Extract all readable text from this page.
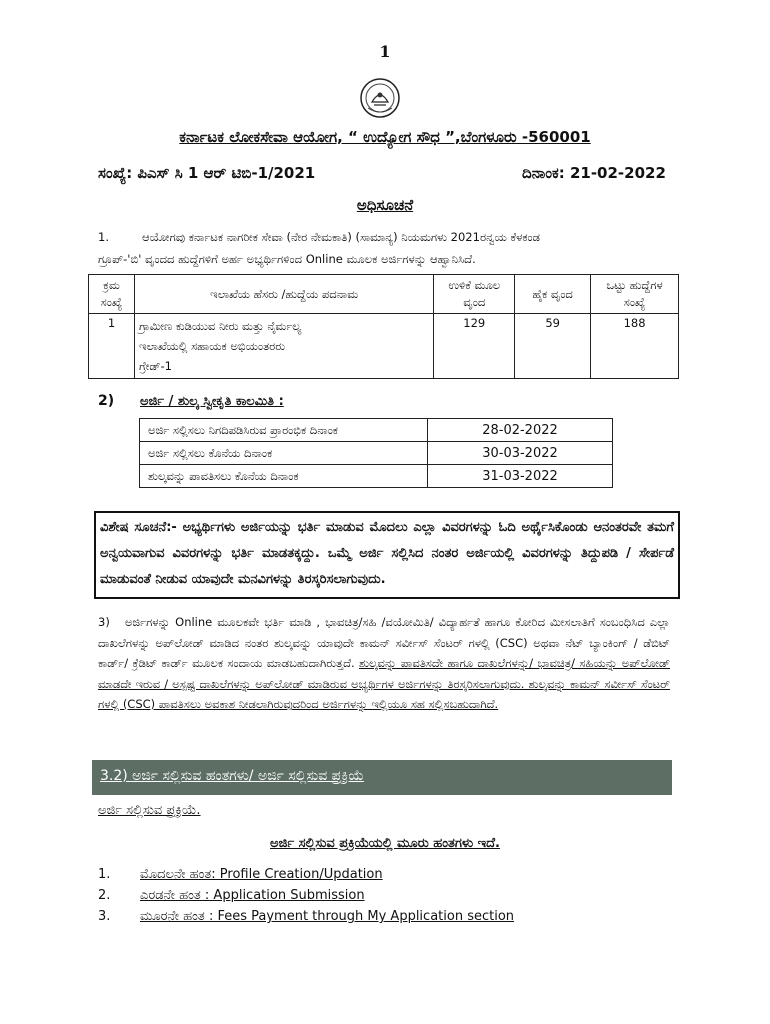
1
ಕರ್ನಾಟಕ ಲೋಕಸೇವಾ ಆಯೋಗ, “ ಉದ್ಯೋಗ ಸೌಧ ”,ಬೆಂಗಳೂರು -560001
ಸಂಖ್ಯೆ: ಪಿಎಸ್ ಸಿ 1 ಆರ್ ಟಿಬಿ-1/2021	ದಿನಾಂಕ: 21-02-2022
ಅಧಿಸೂಚನೆ
1.	ಆಯೋಗವು ಕರ್ನಾಟಕ ನಾಗರೀಕ ಸೇವಾ (ನೇರ ನೇಮಕಾತಿ) (ಸಾಮಾನ್ಯ) ನಿಯಮಗಳು 2021ರನ್ವಯ ಕೆಳಕಂಡ
ಗ್ರೂಪ್-'ಬಿ' ವೃಂದದ ಹುದ್ದೆಗಳಿಗೆ ಅರ್ಹ ಅಭ್ಯರ್ಥಿಗಳಿಂದ Online ಮೂಲಕ ಅರ್ಜಿಗಳನ್ನು ಆಹ್ವಾನಿಸಿದೆ.
ಕ್ರಮ ಸಂಖ್ಯೆ	ಇಲಾಖೆಯ ಹೆಸರು /ಹುದ್ದೆಯ ಪದನಾಮ	ಉಳಿಕೆ ಮೂಲ ವೃಂದ	ಹೈಕ ವೃಂದ	ಒಟ್ಟು ಹುದ್ದೆಗಳ ಸಂಖ್ಯೆ
1	ಗ್ರಾಮೀಣ ಕುಡಿಯುವ ನೀರು ಮತ್ತು ನೈರ್ಮಲ್ಯ
ಇಲಾಖೆಯಲ್ಲಿ ಸಹಾಯಕ ಅಭಿಯಂತರರು
ಗ್ರೇಡ್-1	129	59	188
2) ಅರ್ಜಿ / ಶುಲ್ಕ ಸ್ವೀಕೃತಿ ಕಾಲಮಿತಿ :
ಅರ್ಜಿ ಸಲ್ಲಿಸಲು ನಿಗದಿಪಡಿಸಿರುವ ಪ್ರಾರಂಭಿಕ ದಿನಾಂಕ	28-02-2022
ಅರ್ಜಿ ಸಲ್ಲಿಸಲು ಕೊನೆಯ ದಿನಾಂಕ	30-03-2022
ಶುಲ್ಕವನ್ನು ಪಾವತಿಸಲು ಕೊನೆಯ ದಿನಾಂಕ	31-03-2022
ವಿಶೇಷ ಸೂಚನೆ:- ಅಭ್ಯರ್ಥಿಗಳು ಅರ್ಜಿಯನ್ನು ಭರ್ತಿ ಮಾಡುವ ಮೊದಲು ಎಲ್ಲಾ ವಿವರಗಳನ್ನು ಓದಿ ಅರ್ಥೈಸಿಕೊಂಡು ಆನಂತರವೇ ತಮಗೆ ಅನ್ವಯವಾಗುವ ವಿವರಗಳನ್ನು ಭರ್ತಿ ಮಾಡತಕ್ಕದ್ದು. ಒಮ್ಮೆ ಅರ್ಜಿ ಸಲ್ಲಿಸಿದ ನಂತರ ಅರ್ಜಿಯಲ್ಲಿ ವಿವರಗಳನ್ನು ತಿದ್ದುಪಡಿ / ಸೇರ್ಪಡೆ ಮಾಡುವಂತೆ ನೀಡುವ ಯಾವುದೇ ಮನವಿಗಳನ್ನು ತಿರಸ್ಕರಿಸಲಾಗುವುದು.
3) ಅರ್ಜಿಗಳನ್ನು Online ಮೂಲಕವೇ ಭರ್ತಿ ಮಾಡಿ , ಭಾವಚಿತ್ರ/ಸಹಿ /ವಯೋಮಿತಿ/ ವಿದ್ಯಾರ್ಹತೆ ಹಾಗೂ ಕೋರಿದ ಮೀಸಲಾತಿಗೆ ಸಂಬಂಧಿಸಿದ ಎಲ್ಲಾ ದಾಖಲೆಗಳನ್ನು ಅಪ್‌ಲೋಡ್ ಮಾಡಿದ ನಂತರ ಶುಲ್ಕವನ್ನು ಯಾವುದೇ ಕಾಮನ್ ಸರ್ವೀಸ್ ಸೆಂಟರ್ ಗಳಲ್ಲಿ (CSC) ಅಥವಾ ನೆಟ್ ಬ್ಯಾಂಕಿಂಗ್ / ಡೆಬಿಟ್ ಕಾರ್ಡ್/ ಕ್ರೆಡಿಟ್ ಕಾರ್ಡ್ ಮೂಲಕ ಸಂದಾಯ ಮಾಡಬಹುದಾಗಿರುತ್ತದೆ. ಶುಲ್ಕವನ್ನು ಪಾವತಿಸದೇ ಹಾಗೂ ದಾಖಲೆಗಳನ್ನು/ ಭಾವಚಿತ್ರ/ ಸಹಿಯನ್ನು ಅಪ್‌ಲೋಡ್ ಮಾಡದೇ ಇರುವ / ಅಸ್ಪಷ್ಟ ದಾಖಲೆಗಳನ್ನು ಅಪ್‌ಲೋಡ್ ಮಾಡಿರುವ ಅಭ್ಯರ್ಥಿಗಳ ಅರ್ಜಿಗಳನ್ನು ತಿರಸ್ಕರಿಸಲಾಗುವುದು. ಶುಲ್ಕವನ್ನು ಕಾಮನ್ ಸರ್ವೀಸ್ ಸೆಂಟರ್ ಗಳಲ್ಲಿ (CSC) ಪಾವತಿಸಲು ಅವಕಾಶ ನೀಡಲಾಗಿರುವುದರಿಂದ ಅರ್ಜಿಗಳನ್ನು ಇಲ್ಲಿಯೂ ಸಹ ಸಲ್ಲಿಸಬಹುದಾಗಿದೆ.
3.2) ಅರ್ಜಿ ಸಲ್ಲಿಸುವ ಹಂತಗಳು/ ಅರ್ಜಿ ಸಲ್ಲಿಸುವ ಪ್ರಕ್ರಿಯೆ
ಅರ್ಜಿ ಸಲ್ಲಿಸುವ ಪ್ರಕ್ರಿಯೆ.
ಅರ್ಜಿ ಸಲ್ಲಿಸುವ ಪ್ರಕ್ರಿಯೆಯಲ್ಲಿ ಮೂರು ಹಂತಗಳು ಇದೆ.
1.	ಮೊದಲನೇ ಹಂತ: Profile Creation/Updation
2.	ಎರಡನೇ ಹಂತ : Application Submission
3.	ಮೂರನೇ ಹಂತ : Fees Payment through My Application section
